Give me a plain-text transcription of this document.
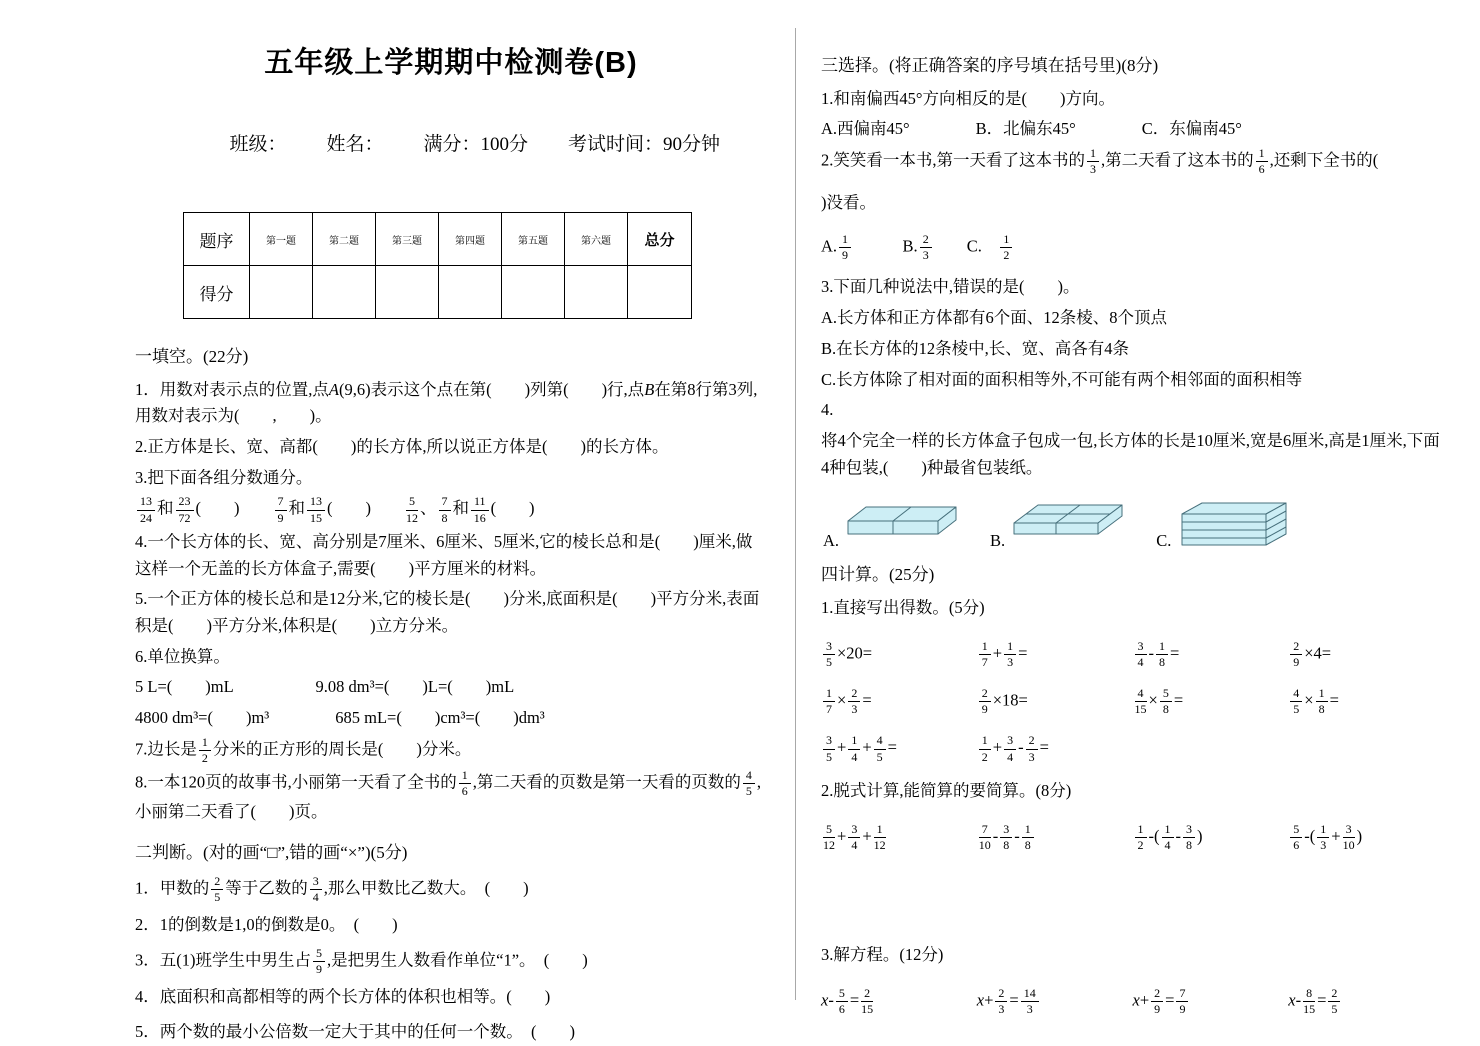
五年级上学期期中检测卷(B)

班级： 姓名： 满分：100分 考试时间：90分钟

题序	第一题	第二题	第三题	第四题	第五题	第六题	总分
得分							
一填空。(22分)
1．用数对表示点的位置,点A(9,6)表示这个点在第(　　)列第(　　)行,点B在第8行第3列,用数对表示为(　　,　　)。
2.正方体是长、宽、高都(　　)的长方体,所以说正方体是(　　)的长方体。
3.把下面各组分数通分。
$\frac{13}{24}$ 和 $\frac{23}{72}$ (　　)　　 $\frac{7}{9}$ 和 $\frac{13}{15}$ (　　)　　 $\frac{5}{12}$ 、 $\frac{7}{8}$ 和 $\frac{11}{16}$ (　　)
4.一个长方体的长、宽、高分别是7厘米、6厘米、5厘米,它的棱长总和是(　　)厘米,做这样一个无盖的长方体盒子,需要(　　)平方厘米的材料。
5.一个正方体的棱长总和是12分米,它的棱长是(　　)分米,底面积是(　　)平方分米,表面积是(　　)平方分米,体积是(　　)立方分米。
6.单位换算。
5 L=(　　)mL　　　　　9.08 dm³=(　　)L=(　　)mL
4800 dm³=(　　)m³　　　　685 mL=(　　)cm³=(　　)dm³
7.边长是 $\frac{1}{2}$ 分米的正方形的周长是(　　)分米。
8.一本120页的故事书,小丽第一天看了全书的 $\frac{1}{6}$ ,第二天看的页数是第一天看的页数的 $\frac{4}{5}$ ,小丽第二天看了(　　)页。
二判断。(对的画“□”,错的画“×”)(5分)
1．甲数的 $\frac{2}{5}$ 等于乙数的 $\frac{3}{4}$ ,那么甲数比乙数大。　(　　)
2．1的倒数是1,0的倒数是0。　(　　)
3．五(1)班学生中男生占 $\frac{5}{9}$ ,是把男生人数看作单位“1”。　(　　)
4．底面积和高都相等的两个长方体的体积也相等。(　　)
5．两个数的最小公倍数一定大于其中的任何一个数。　(　　)
三选择。(将正确答案的序号填在括号里)(8分)
1.和南偏西45°方向相反的是(　　)方向。
A.西偏南45°　　　　B．北偏东45°　　　　C．东偏南45°
2.笑笑看一本书,第一天看了这本书的 $\frac{1}{3}$ ,第二天看了这本书的 $\frac{1}{6}$ ,还剩下全书的(
)没看。
A. $\frac{1}{9}$ 　　　B. $\frac{2}{3}$ 　　C.　 $\frac{1}{2}$
3.下面几种说法中,错误的是(　　)。
A.长方体和正方体都有6个面、12条棱、8个顶点
B.在长方体的12条棱中,长、宽、高各有4条
C.长方体除了相对面的面积相等外,不可能有两个相邻面的面积相等
4.
将4个完全一样的长方体盒子包成一包,长方体的长是10厘米,宽是6厘米,高是1厘米,下面4种包装,(　　)种最省包装纸。
A.	B.	C.
四计算。(25分)
1.直接写出得数。(5分)
$\frac{3}{5} \times 20=$	$\frac{1}{7} + \frac{1}{3}$ =	$\frac{3}{4} - \frac{1}{8}$ =	$\frac{2}{9} \times 4=$
$\frac{1}{7} \times \frac{2}{3}$ =	$\frac{2}{9} \times 18=$	$\frac{4}{15} \times \frac{5}{8}$ =	$\frac{4}{5} \times \frac{1}{8}$ =
$\frac{3}{5} + \frac{1}{4} + \frac{4}{5}$ =	$\frac{1}{2} + \frac{3}{4} - \frac{2}{3}$ =
2.脱式计算,能简算的要简算。(8分)
$\frac{5}{12} + \frac{3}{4} + \frac{1}{12}$	$\frac{7}{10} - \frac{3}{8} - \frac{1}{8}$	$\frac{1}{2}$ -( $\frac{1}{4} - \frac{3}{8}$ )	$\frac{5}{6}$ -( $\frac{1}{3} + \frac{3}{10}$ )
3.解方程。(12分)
$x- \frac{5}{6} = \frac{2}{15}$	$x+ \frac{2}{3} = \frac{14}{3}$	$x+ \frac{2}{9} = \frac{7}{9}$	$x- \frac{8}{15} = \frac{2}{5}$
